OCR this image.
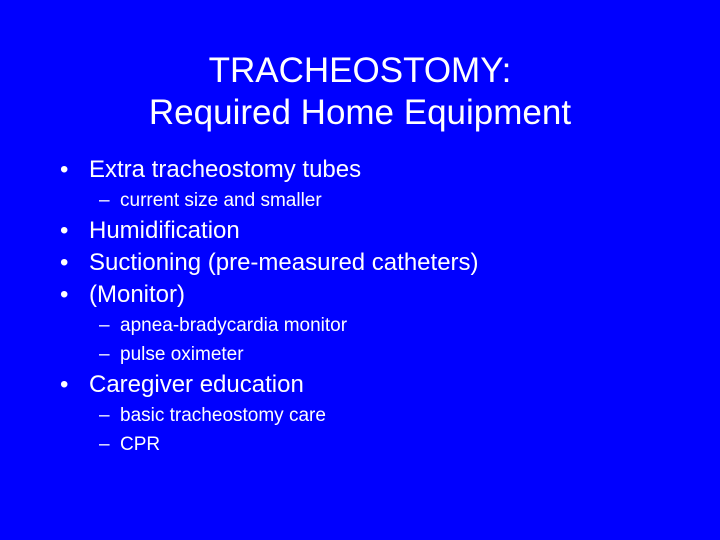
TRACHEOSTOMY:
Required Home Equipment
• Extra tracheostomy tubes
– current size and smaller
• Humidification
• Suctioning (pre-measured catheters)
• (Monitor)
– apnea-bradycardia monitor
– pulse oximeter
• Caregiver education
– basic tracheostomy care
– CPR
